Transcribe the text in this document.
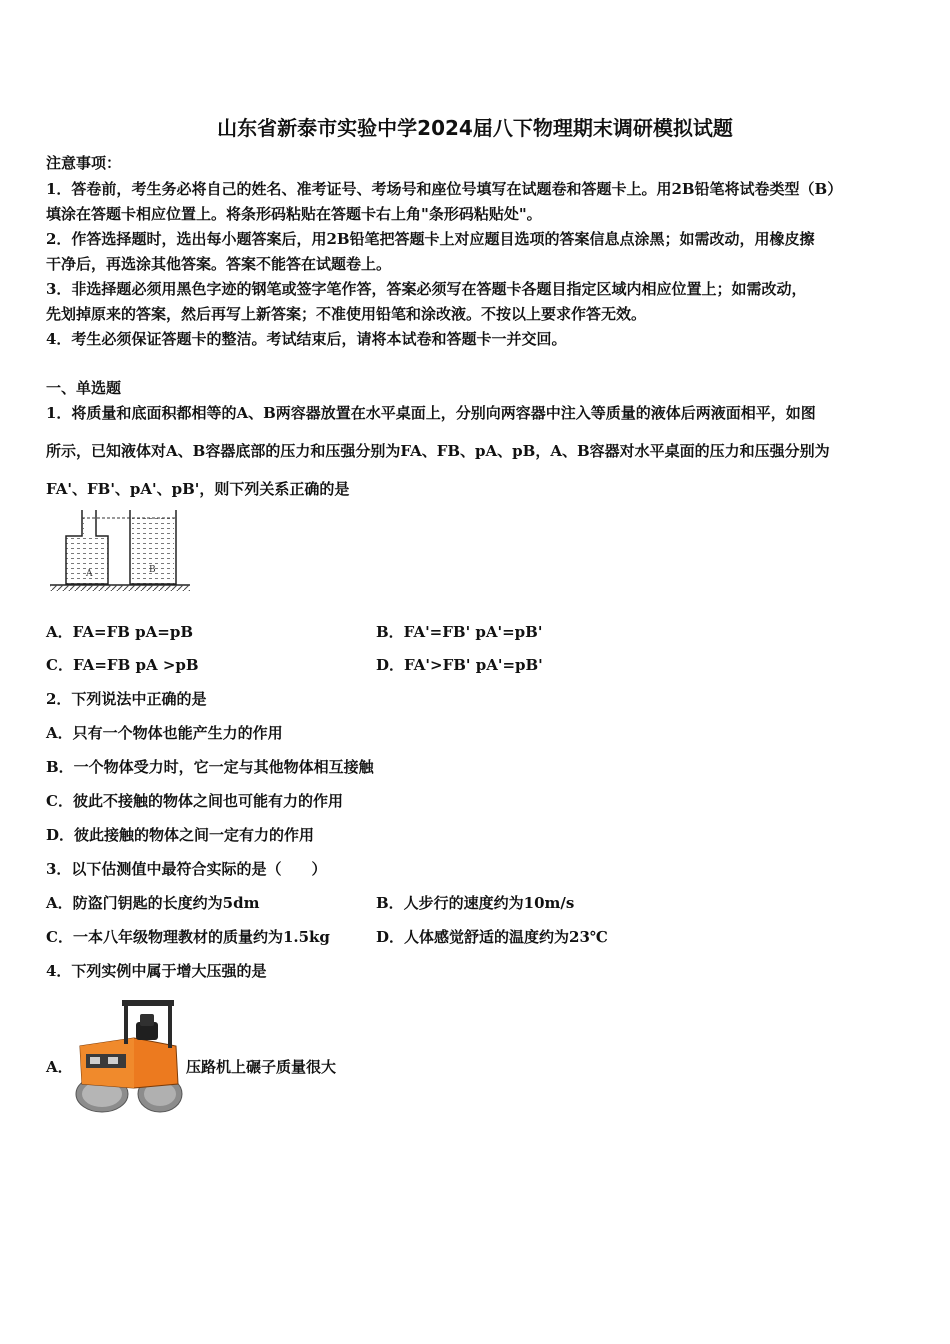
山东省新泰市实验中学2024届八下物理期末调研模拟试题
注意事项：
1．答卷前，考生务必将自己的姓名、准考证号、考场号和座位号填写在试题卷和答题卡上。用2B铅笔将试卷类型（B）
填涂在答题卡相应位置上。将条形码粘贴在答题卡右上角"条形码粘贴处"。
2．作答选择题时，选出每小题答案后，用2B铅笔把答题卡上对应题目选项的答案信息点涂黑；如需改动，用橡皮擦
干净后，再选涂其他答案。答案不能答在试题卷上。
3．非选择题必须用黑色字迹的钢笔或签字笔作答，答案必须写在答题卡各题目指定区域内相应位置上；如需改动，
先划掉原来的答案，然后再写上新答案；不准使用铅笔和涂改液。不按以上要求作答无效。
4．考生必须保证答题卡的整洁。考试结束后，请将本试卷和答题卡一并交回。
一、单选题
1．将质量和底面积都相等的A、B两容器放置在水平桌面上，分别向两容器中注入等质量的液体后两液面相平，如图
所示，已知液体对A、B容器底部的压力和压强分别为FA、FB、pA、pB，A、B容器对水平桌面的压力和压强分别为
FA'、FB'、pA'、pB'，则下列关系正确的是
A	B
A．FA=FB pA=pB	B．FA'=FB' pA'=pB'
C．FA=FB pA >pB	D．FA'>FB' pA'=pB'
2．下列说法中正确的是
A．只有一个物体也能产生力的作用
B．一个物体受力时，它一定与其他物体相互接触
C．彼此不接触的物体之间也可能有力的作用
D．彼此接触的物体之间一定有力的作用
3．以下估测值中最符合实际的是（　　）
A．防盗门钥匙的长度约为5dm	B．人步行的速度约为10m/s
C．一本八年级物理教材的质量约为1.5kg	D．人体感觉舒适的温度约为23℃
4．下列实例中属于增大压强的是
A．	压路机上碾子质量很大
